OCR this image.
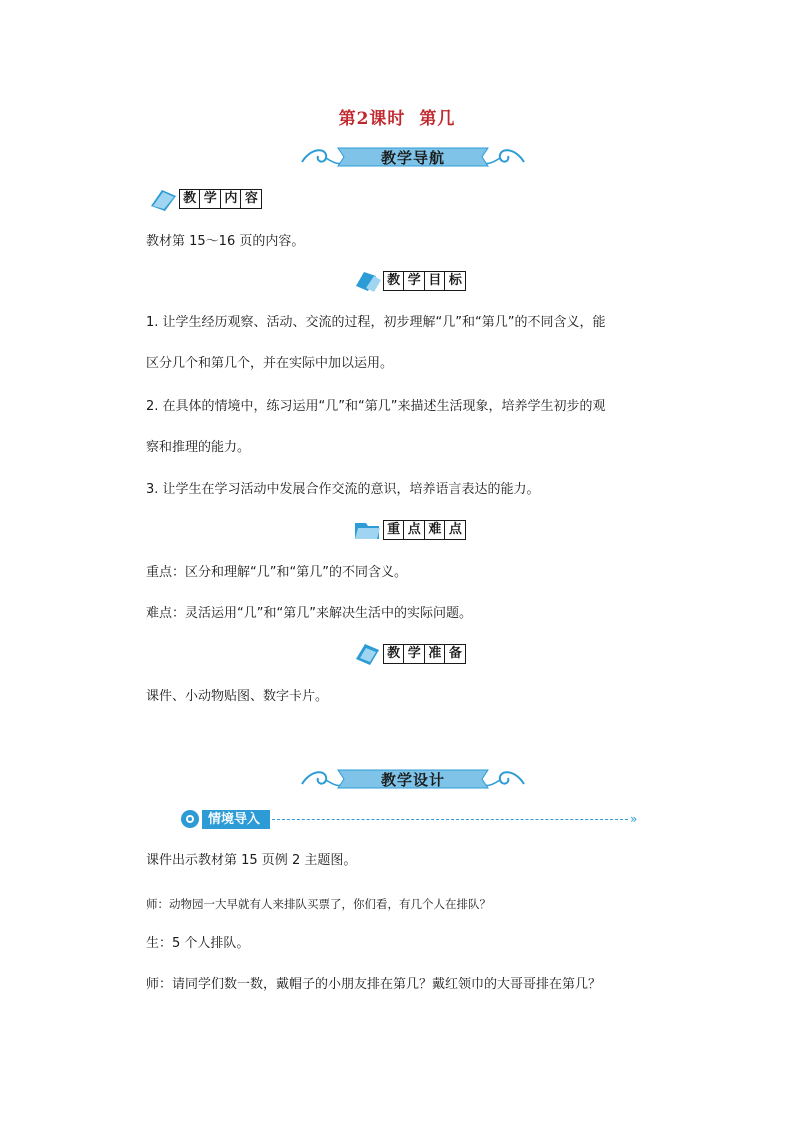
第2课时 第几
教学导航
教 学 内 容
教材第 15～16 页的内容。
教 学 目 标
1. 让学生经历观察、活动、交流的过程，初步理解“几”和“第几”的不同含义，能
区分几个和第几个，并在实际中加以运用。
2. 在具体的情境中，练习运用“几”和“第几”来描述生活现象，培养学生初步的观
察和推理的能力。
3. 让学生在学习活动中发展合作交流的意识，培养语言表达的能力。
重 点 难 点
重点：区分和理解“几”和“第几”的不同含义。
难点：灵活运用“几”和“第几”来解决生活中的实际问题。
教 学 准 备
课件、小动物贴图、数字卡片。
教学设计
情境导入	»
课件出示教材第 15 页例 2 主题图。
师：动物园一大早就有人来排队买票了，你们看，有几个人在排队？
生：5 个人排队。
师：请同学们数一数，戴帽子的小朋友排在第几？戴红领巾的大哥哥排在第几？
